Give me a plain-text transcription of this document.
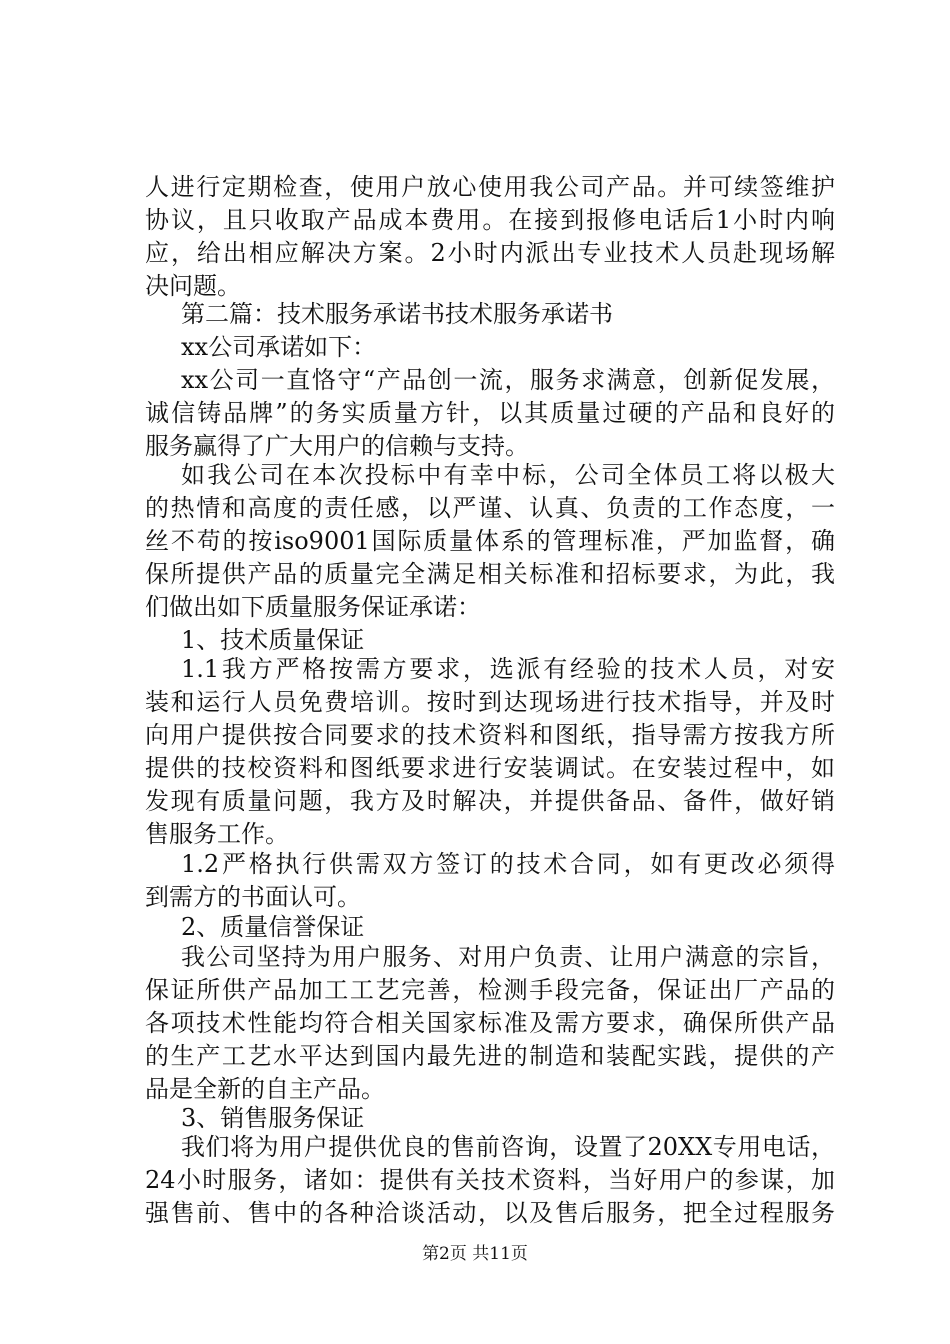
人进行定期检查，使用户放心使用我公司产品。并可续签维护
协议，且只收取产品成本费用。在接到报修电话后1小时内响
应，给出相应解决方案。2小时内派出专业技术人员赴现场解
决问题。
第二篇：技术服务承诺书技术服务承诺书
xx公司承诺如下：
xx公司一直恪守“产品创一流，服务求满意，创新促发展，
诚信铸品牌”的务实质量方针，以其质量过硬的产品和良好的
服务赢得了广大用户的信赖与支持。
如我公司在本次投标中有幸中标，公司全体员工将以极大
的热情和高度的责任感，以严谨、认真、负责的工作态度，一
丝不苟的按iso9001国际质量体系的管理标准，严加监督，确
保所提供产品的质量完全满足相关标准和招标要求，为此，我
们做出如下质量服务保证承诺：
1、技术质量保证
1.1我方严格按需方要求，选派有经验的技术人员，对安
装和运行人员免费培训。按时到达现场进行技术指导，并及时
向用户提供按合同要求的技术资料和图纸，指导需方按我方所
提供的技校资料和图纸要求进行安装调试。在安装过程中，如
发现有质量问题，我方及时解决，并提供备品、备件，做好销
售服务工作。
1.2严格执行供需双方签订的技术合同，如有更改必须得
到需方的书面认可。
2、质量信誉保证
我公司坚持为用户服务、对用户负责、让用户满意的宗旨，
保证所供产品加工工艺完善，检测手段完备，保证出厂产品的
各项技术性能均符合相关国家标准及需方要求，确保所供产品
的生产工艺水平达到国内最先进的制造和装配实践，提供的产
品是全新的自主产品。
3、销售服务保证
我们将为用户提供优良的售前咨询，设置了20XX专用电话，
24小时服务，诸如：提供有关技术资料，当好用户的参谋，加
强售前、售中的各种洽谈活动，以及售后服务，把全过程服务
第2页 共11页
